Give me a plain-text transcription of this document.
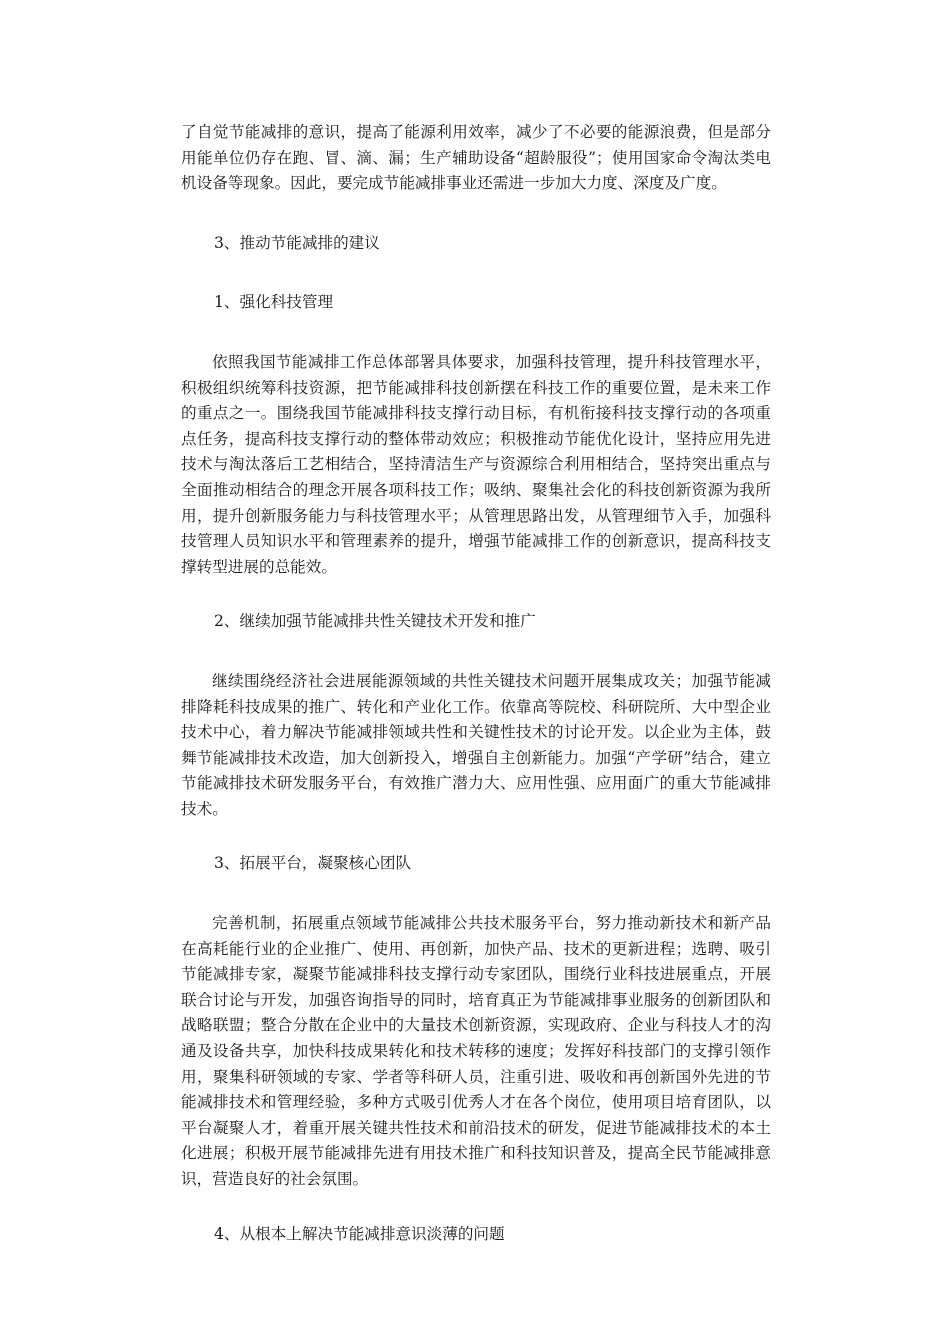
了自觉节能减排的意识，提高了能源利用效率，减少了不必要的能源浪费，但是部分用能单位仍存在跑、冒、滴、漏；生产辅助设备“超龄服役”；使用国家命令淘汰类电机设备等现象。因此，要完成节能减排事业还需进一步加大力度、深度及广度。

3、推动节能减排的建议

1、强化科技管理

依照我国节能减排工作总体部署具体要求，加强科技管理，提升科技管理水平，积极组织统筹科技资源，把节能减排科技创新摆在科技工作的重要位置，是未来工作的重点之一。围绕我国节能减排科技支撑行动目标，有机衔接科技支撑行动的各项重点任务，提高科技支撑行动的整体带动效应；积极推动节能优化设计，坚持应用先进技术与淘汰落后工艺相结合，坚持清洁生产与资源综合利用相结合，坚持突出重点与全面推动相结合的理念开展各项科技工作；吸纳、聚集社会化的科技创新资源为我所用，提升创新服务能力与科技管理水平；从管理思路出发，从管理细节入手，加强科技管理人员知识水平和管理素养的提升，增强节能减排工作的创新意识，提高科技支撑转型进展的总能效。

2、继续加强节能减排共性关键技术开发和推广

继续围绕经济社会进展能源领域的共性关键技术问题开展集成攻关；加强节能减排降耗科技成果的推广、转化和产业化工作。依靠高等院校、科研院所、大中型企业技术中心，着力解决节能减排领域共性和关键性技术的讨论开发。以企业为主体，鼓舞节能减排技术改造，加大创新投入，增强自主创新能力。加强“产学研”结合，建立节能减排技术研发服务平台，有效推广潜力大、应用性强、应用面广的重大节能减排技术。

3、拓展平台，凝聚核心团队

完善机制，拓展重点领域节能减排公共技术服务平台，努力推动新技术和新产品在高耗能行业的企业推广、使用、再创新，加快产品、技术的更新进程；选聘、吸引节能减排专家，凝聚节能减排科技支撑行动专家团队，围绕行业科技进展重点，开展联合讨论与开发，加强咨询指导的同时，培育真正为节能减排事业服务的创新团队和战略联盟；整合分散在企业中的大量技术创新资源，实现政府、企业与科技人才的沟通及设备共享，加快科技成果转化和技术转移的速度；发挥好科技部门的支撑引领作用，聚集科研领域的专家、学者等科研人员，注重引进、吸收和再创新国外先进的节能减排技术和管理经验，多种方式吸引优秀人才在各个岗位，使用项目培育团队，以平台凝聚人才，着重开展关键共性技术和前沿技术的研发，促进节能减排技术的本土化进展；积极开展节能减排先进有用技术推广和科技知识普及，提高全民节能减排意识，营造良好的社会氛围。

4、从根本上解决节能减排意识淡薄的问题
